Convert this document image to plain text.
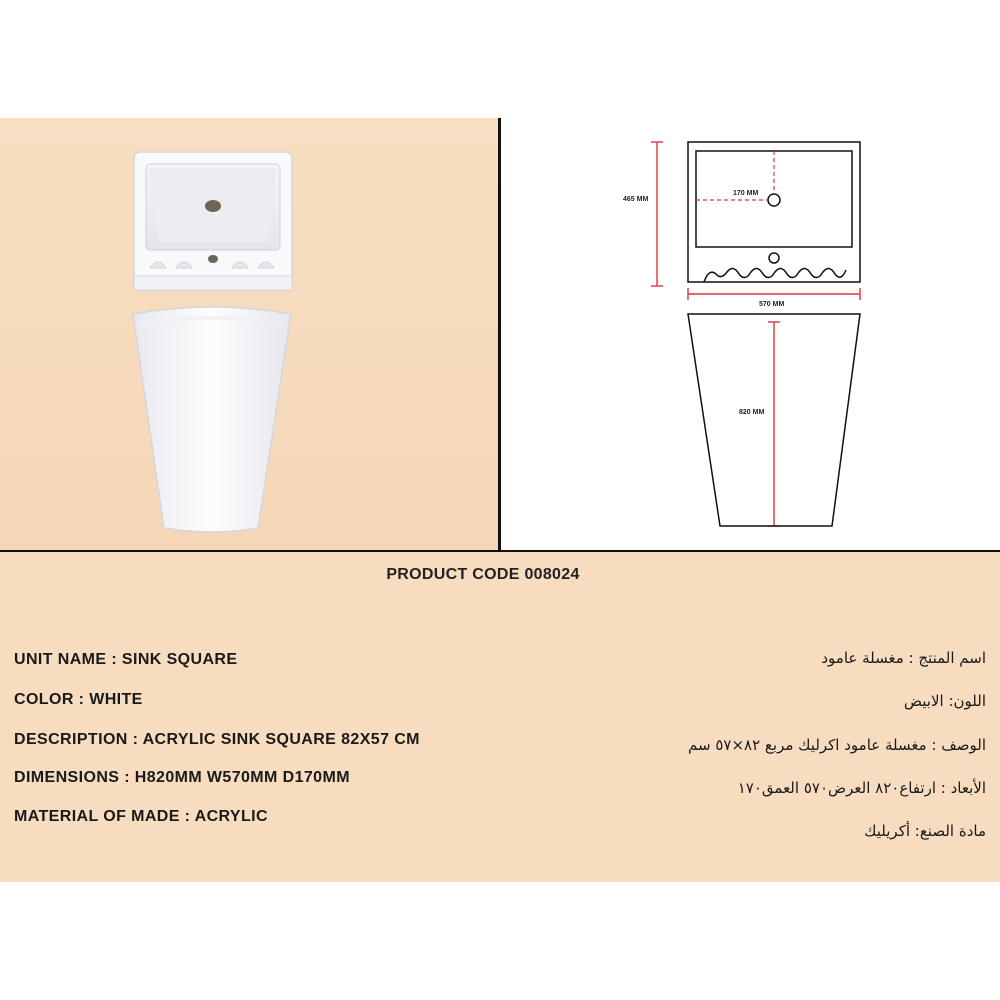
170 MM
465 MM
570 MM
820 MM
PRODUCT CODE 008024
UNIT NAME : SINK SQUARE
COLOR : WHITE
DESCRIPTION : ACRYLIC SINK SQUARE 82X57 CM
DIMENSIONS : H820MM W570MM D170MM
MATERIAL OF MADE : ACRYLIC
اسم المنتج : مغسلة عامود
اللون: الابيض
الوصف : مغسلة عامود اكرليك مربع ٨٢×٥٧ سم
الأبعاد : ارتفاع٨٢٠ العرض٥٧٠ العمق١٧٠
مادة الصنع: أكريليك
